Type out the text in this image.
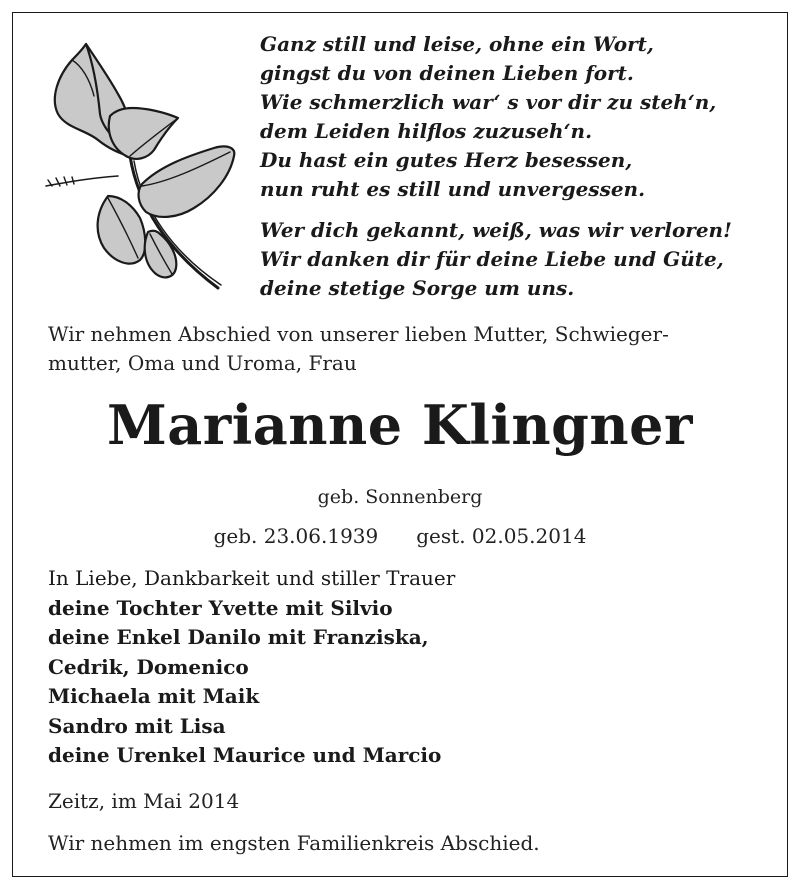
Ganz still und leise, ohne ein Wort,
gingst du von deinen Lieben fort.
Wie schmerzlich war‘ s vor dir zu steh‘n,
dem Leiden hilflos zuzuseh‘n.
Du hast ein gutes Herz besessen,
nun ruht es still und unvergessen.
Wer dich gekannt, weiß, was wir verloren!
Wir danken dir für deine Liebe und Güte,
deine stetige Sorge um uns.
Wir nehmen Abschied von unserer lieben Mutter, Schwieger-
mutter, Oma und Uroma, Frau
Marianne Klingner
geb. Sonnenberg
geb. 23.06.1939 gest. 02.05.2014
In Liebe, Dankbarkeit und stiller Trauer
deine Tochter Yvette mit Silvio
deine Enkel Danilo mit Franziska,
Cedrik, Domenico
Michaela mit Maik
Sandro mit Lisa
deine Urenkel Maurice und Marcio
Zeitz, im Mai 2014
Wir nehmen im engsten Familienkreis Abschied.
